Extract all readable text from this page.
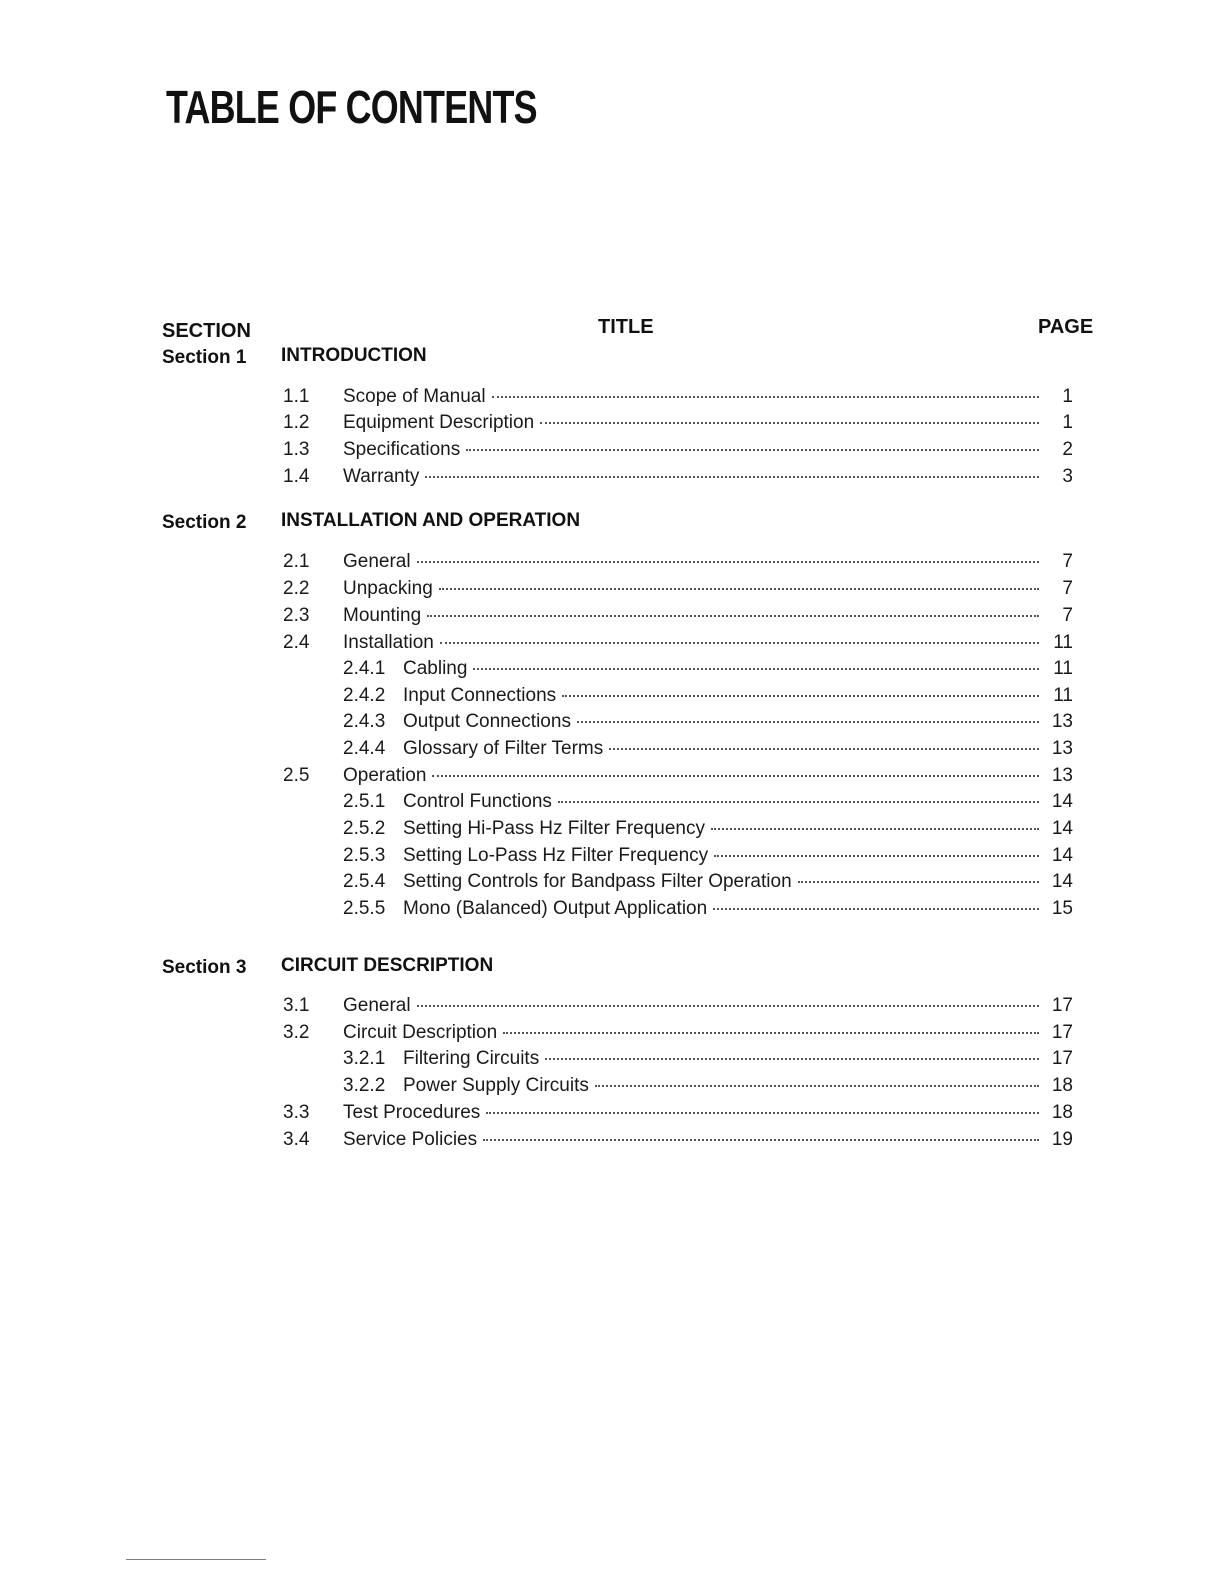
TABLE OF CONTENTS
SECTION	TITLE	PAGE
Section 1 INTRODUCTION
1.1	Scope of Manual	1
1.2	Equipment Description	1
1.3	Specifications	2
1.4	Warranty	3
Section 2 INSTALLATION AND OPERATION
2.1	General	7
2.2	Unpacking	7
2.3	Mounting	7
2.4	Installation	11
2.4.1 Cabling	11
2.4.2 Input Connections	11
2.4.3 Output Connections	13
2.4.4 Glossary of Filter Terms	13
2.5	Operation	13
2.5.1 Control Functions	14
2.5.2 Setting Hi-Pass Hz Filter Frequency	14
2.5.3 Setting Lo-Pass Hz Filter Frequency	14
2.5.4 Setting Controls for Bandpass Filter Operation	14
2.5.5 Mono (Balanced) Output Application	15
Section 3 CIRCUIT DESCRIPTION
3.1	General	17
3.2	Circuit Description	17
3.2.1 Filtering Circuits	17
3.2.2 Power Supply Circuits	18
3.3	Test Procedures	18
3.4	Service Policies	19
